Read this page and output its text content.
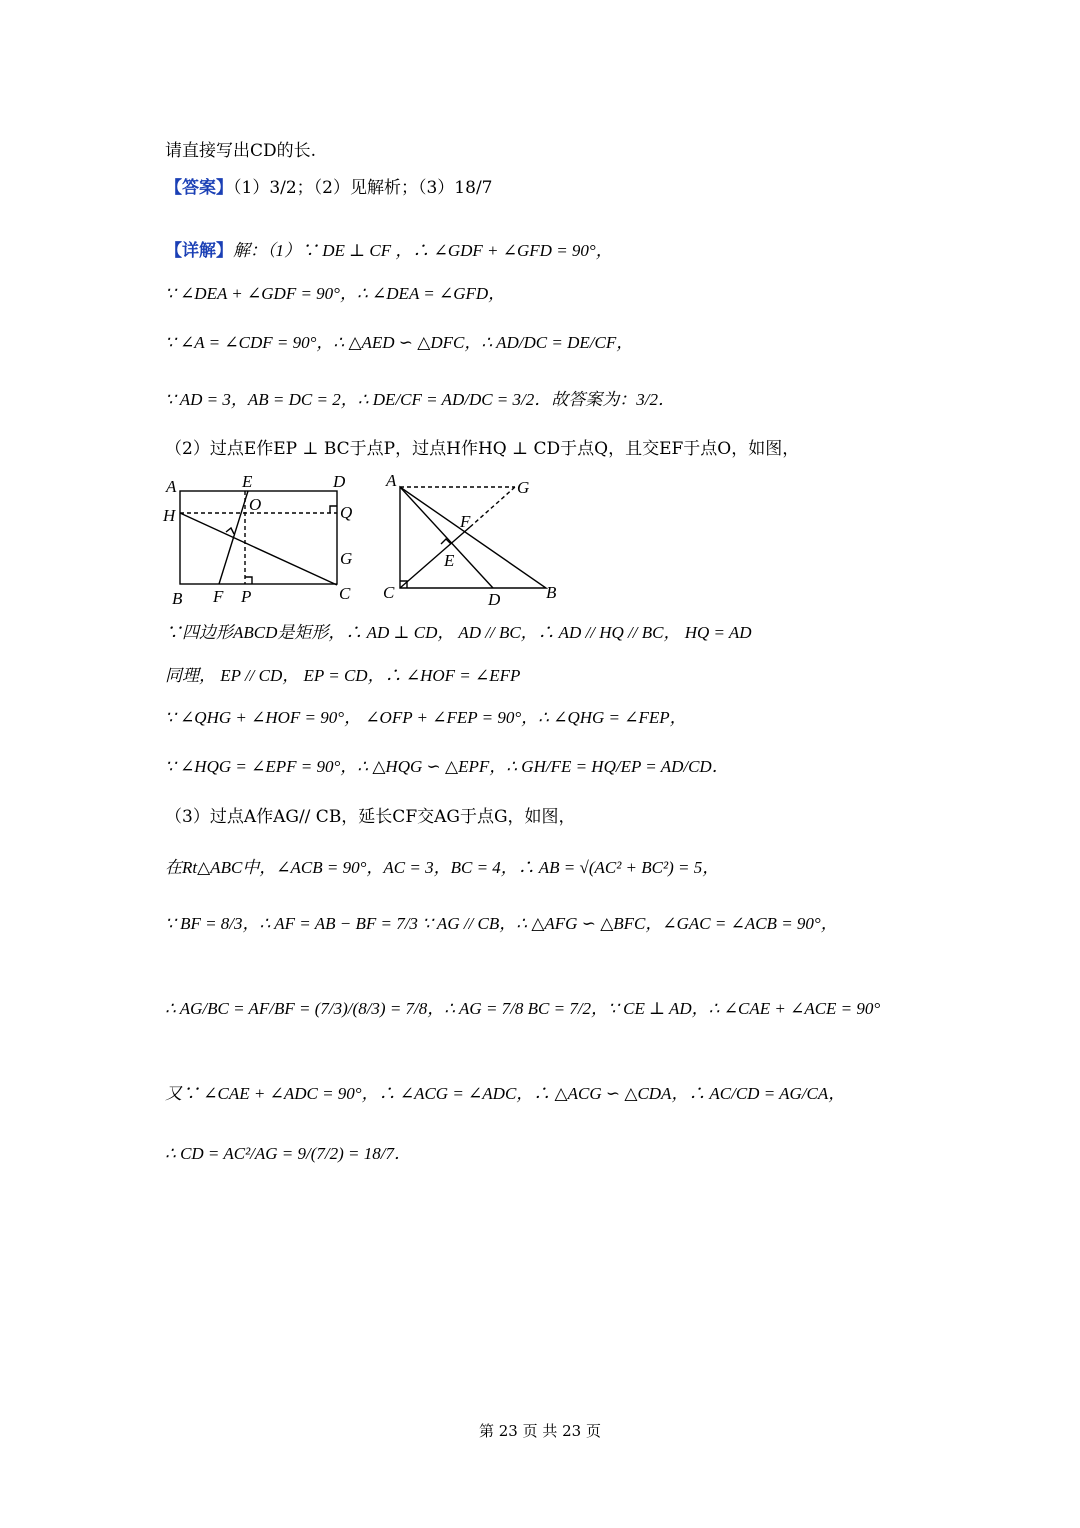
请直接写出CD的长.
【答案】（1）3/2；（2）见解析；（3）18/7
【详解】解：（1）∵ DE ⊥ CF ，∴ ∠GDF + ∠GFD = 90°，
∵ ∠DEA + ∠GDF = 90°，∴ ∠DEA = ∠GFD，
∵ ∠A = ∠CDF = 90°，∴ △AED ∽ △DFC，∴ AD/DC = DE/CF，
∵ AD = 3，AB = DC = 2，∴ DE/CF = AD/DC = 3/2．故答案为：3/2．
（2）过点E作EP ⊥ BC于点P，过点H作HQ ⊥ CD于点Q，且交EF于点O，如图，
A	E	D
H
O	Q
G
B F P	C
A	G
F
E
C	D	B
∵四边形ABCD是矩形，∴ AD ⊥ CD， AD // BC，∴ AD // HQ // BC， HQ = AD
同理， EP // CD， EP = CD，∴ ∠HOF = ∠EFP
∵ ∠QHG + ∠HOF = 90°， ∠OFP + ∠FEP = 90°，∴ ∠QHG = ∠FEP，
∵ ∠HQG = ∠EPF = 90°，∴ △HQG ∽ △EPF，∴ GH/FE = HQ/EP = AD/CD．
（3）过点A作AG// CB，延长CF交AG于点G，如图，
在Rt△ABC中，∠ACB = 90°，AC = 3，BC = 4，∴ AB = √(AC² + BC²) = 5，
∵ BF = 8/3，∴ AF = AB − BF = 7/3 ∵ AG // CB，∴ △AFG ∽ △BFC，∠GAC = ∠ACB = 90°，
∴ AG/BC = AF/BF = (7/3)/(8/3) = 7/8，∴ AG = 7/8 BC = 7/2，∵ CE ⊥ AD，∴ ∠CAE + ∠ACE = 90°
又∵ ∠CAE + ∠ADC = 90°，∴ ∠ACG = ∠ADC，∴ △ACG ∽ △CDA，∴ AC/CD = AG/CA，
∴ CD = AC²/AG = 9/(7/2) = 18/7．
第 23 页 共 23 页
